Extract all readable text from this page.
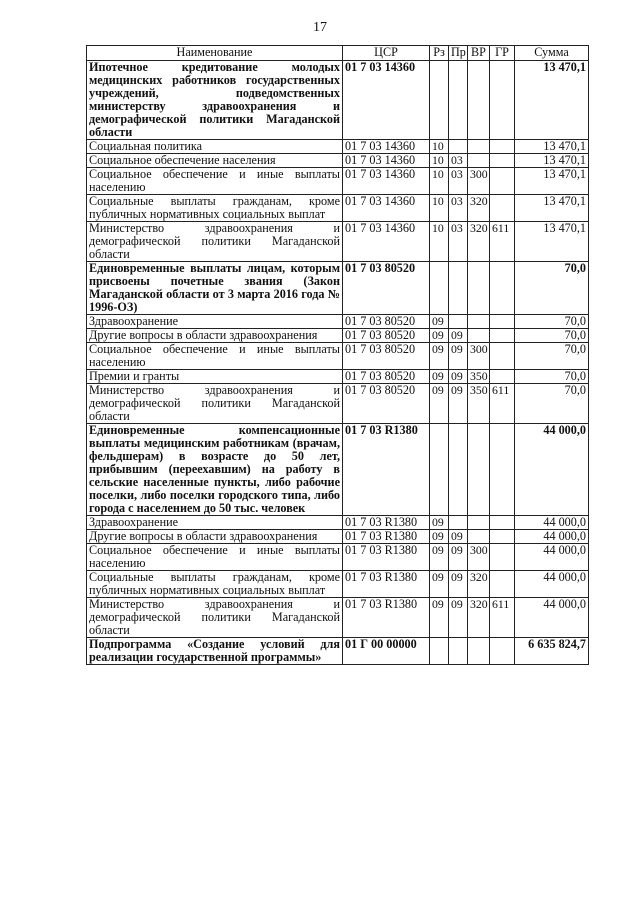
17
Наименование	ЦСР	Рз	Пр	ВР	ГР	Сумма
Ипотечное кредитование молодых медицинских работников государственных учреждений, подведомственных министерству здравоохранения и демографической политики Магаданской области	01 7 03 14360					13 470,1
Социальная политика	01 7 03 14360	10				13 470,1
Социальное обеспечение населения	01 7 03 14360	10	03			13 470,1
Социальное обеспечение и иные выплаты населению	01 7 03 14360	10	03	300		13 470,1
Социальные выплаты гражданам, кроме публичных нормативных социальных выплат	01 7 03 14360	10	03	320		13 470,1
Министерство здравоохранения и демографической политики Магаданской области	01 7 03 14360	10	03	320	611	13 470,1
Единовременные выплаты лицам, которым присвоены почетные звания (Закон Магаданской области от 3 марта 2016 года № 1996-ОЗ)	01 7 03 80520					70,0
Здравоохранение	01 7 03 80520	09				70,0
Другие вопросы в области здравоохранения	01 7 03 80520	09	09			70,0
Социальное обеспечение и иные выплаты населению	01 7 03 80520	09	09	300		70,0
Премии и гранты	01 7 03 80520	09	09	350		70,0
Министерство здравоохранения и демографической политики Магаданской области	01 7 03 80520	09	09	350	611	70,0
Единовременные компенсационные выплаты медицинским работникам (врачам, фельдшерам) в возрасте до 50 лет, прибывшим (переехавшим) на работу в сельские населенные пункты, либо рабочие поселки, либо поселки городского типа, либо города с населением до 50 тыс. человек	01 7 03 R1380					44 000,0
Здравоохранение	01 7 03 R1380	09				44 000,0
Другие вопросы в области здравоохранения	01 7 03 R1380	09	09			44 000,0
Социальное обеспечение и иные выплаты населению	01 7 03 R1380	09	09	300		44 000,0
Социальные выплаты гражданам, кроме публичных нормативных социальных выплат	01 7 03 R1380	09	09	320		44 000,0
Министерство здравоохранения и демографической политики Магаданской области	01 7 03 R1380	09	09	320	611	44 000,0
Подпрограмма «Создание условий для реализации государственной программы»	01 Г 00 00000					6 635 824,7
